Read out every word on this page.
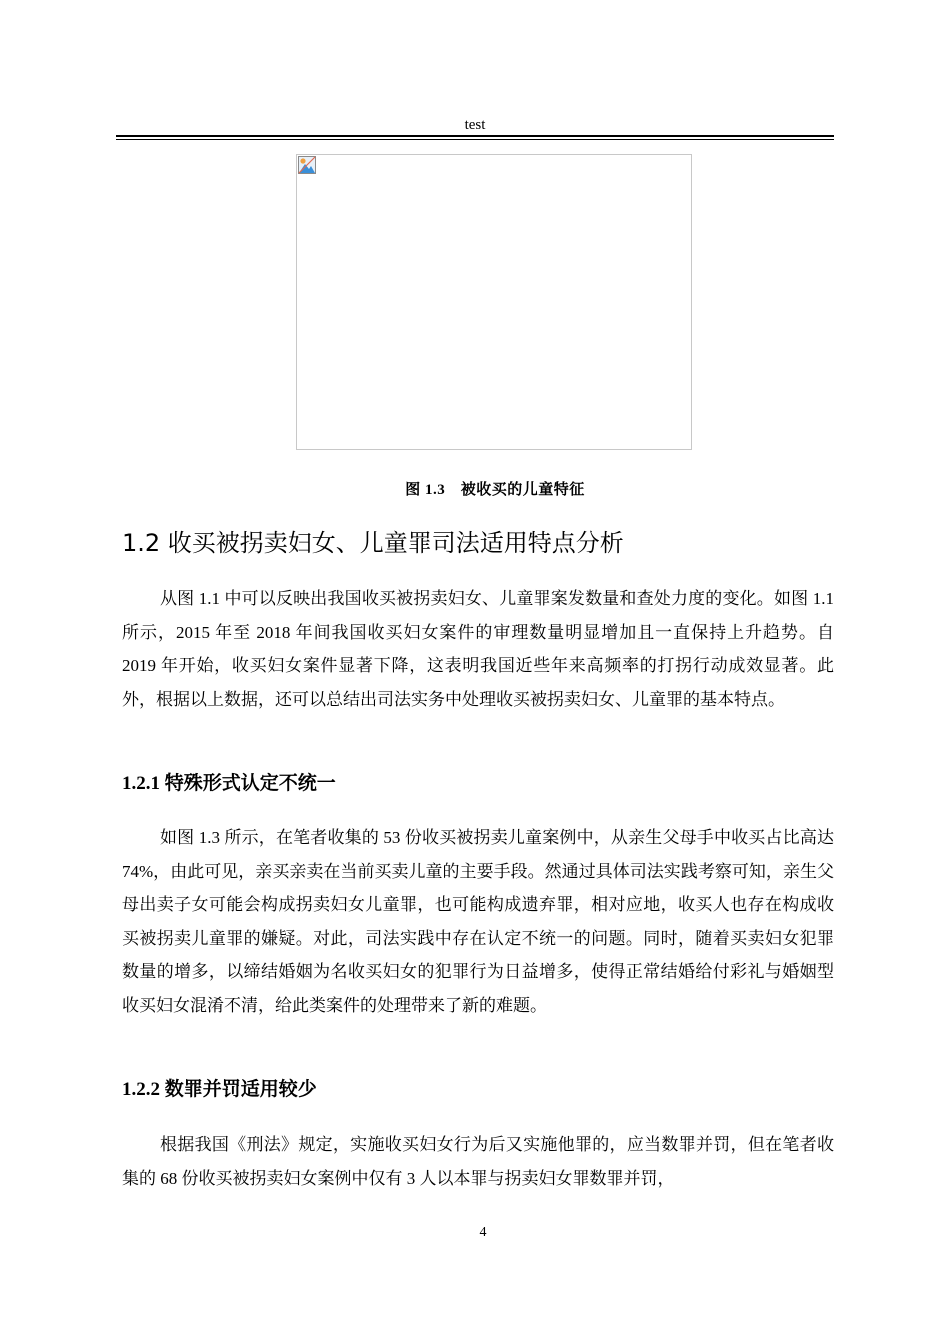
test
图 1.3　被收买的儿童特征
1.2 收买被拐卖妇女、儿童罪司法适用特点分析
从图 1.1 中可以反映出我国收买被拐卖妇女、儿童罪案发数量和查处力度的变化。如图 1.1 所示，2015 年至 2018 年间我国收买妇女案件的审理数量明显增加且一直保持上升趋势。自 2019 年开始，收买妇女案件显著下降，这表明我国近些年来高频率的打拐行动成效显著。此外，根据以上数据，还可以总结出司法实务中处理收买被拐卖妇女、儿童罪的基本特点。
1.2.1 特殊形式认定不统一
如图 1.3 所示，在笔者收集的 53 份收买被拐卖儿童案例中，从亲生父母手中收买占比高达 74%，由此可见，亲买亲卖在当前买卖儿童的主要手段。然通过具体司法实践考察可知，亲生父母出卖子女可能会构成拐卖妇女儿童罪，也可能构成遗弃罪，相对应地，收买人也存在构成收买被拐卖儿童罪的嫌疑。对此，司法实践中存在认定不统一的问题。同时，随着买卖妇女犯罪数量的增多，以缔结婚姻为名收买妇女的犯罪行为日益增多，使得正常结婚给付彩礼与婚姻型收买妇女混淆不清，给此类案件的处理带来了新的难题。
1.2.2 数罪并罚适用较少
根据我国《刑法》规定，实施收买妇女行为后又实施他罪的，应当数罪并罚，但在笔者收集的 68 份收买被拐卖妇女案例中仅有 3 人以本罪与拐卖妇女罪数罪并罚，
4
